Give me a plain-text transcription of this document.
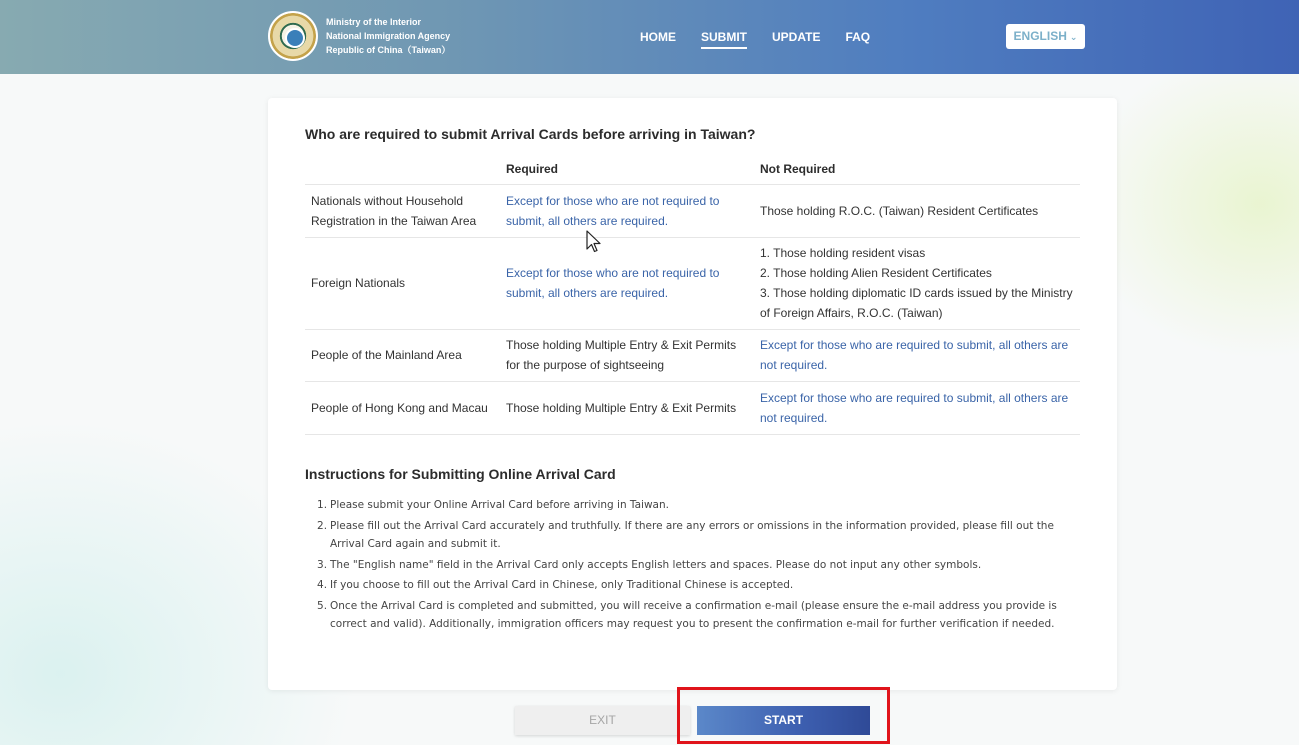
Ministry of the Interior
National Immigration Agency
Republic of China（Taiwan）
HOME SUBMIT UPDATE FAQ	ENGLISH ⌄
Who are required to submit Arrival Cards before arriving in Taiwan?
	Required	Not Required
Nationals without Household Registration in the Taiwan Area	Except for those who are not required to submit, all others are required.	Those holding R.O.C. (Taiwan) Resident Certificates
Foreign Nationals	Except for those who are not required to submit, all others are required.	1. Those holding resident visas
2. Those holding Alien Resident Certificates
3. Those holding diplomatic ID cards issued by the Ministry of Foreign Affairs, R.O.C. (Taiwan)

People of the Mainland Area	Those holding Multiple Entry & Exit Permits for the purpose of sightseeing	Except for those who are required to submit, all others are not required.
People of Hong Kong and Macau	Those holding Multiple Entry & Exit Permits	Except for those who are required to submit, all others are not required.
Instructions for Submitting Online Arrival Card
Please submit your Online Arrival Card before arriving in Taiwan.
Please fill out the Arrival Card accurately and truthfully. If there are any errors or omissions in the information provided, please fill out the Arrival Card again and submit it.
The "English name" field in the Arrival Card only accepts English letters and spaces. Please do not input any other symbols.
If you choose to fill out the Arrival Card in Chinese, only Traditional Chinese is accepted.
Once the Arrival Card is completed and submitted, you will receive a confirmation e-mail (please ensure the e-mail address you provide is correct and valid). Additionally, immigration officers may request you to present the confirmation e-mail for further verification if needed.
EXIT	START
